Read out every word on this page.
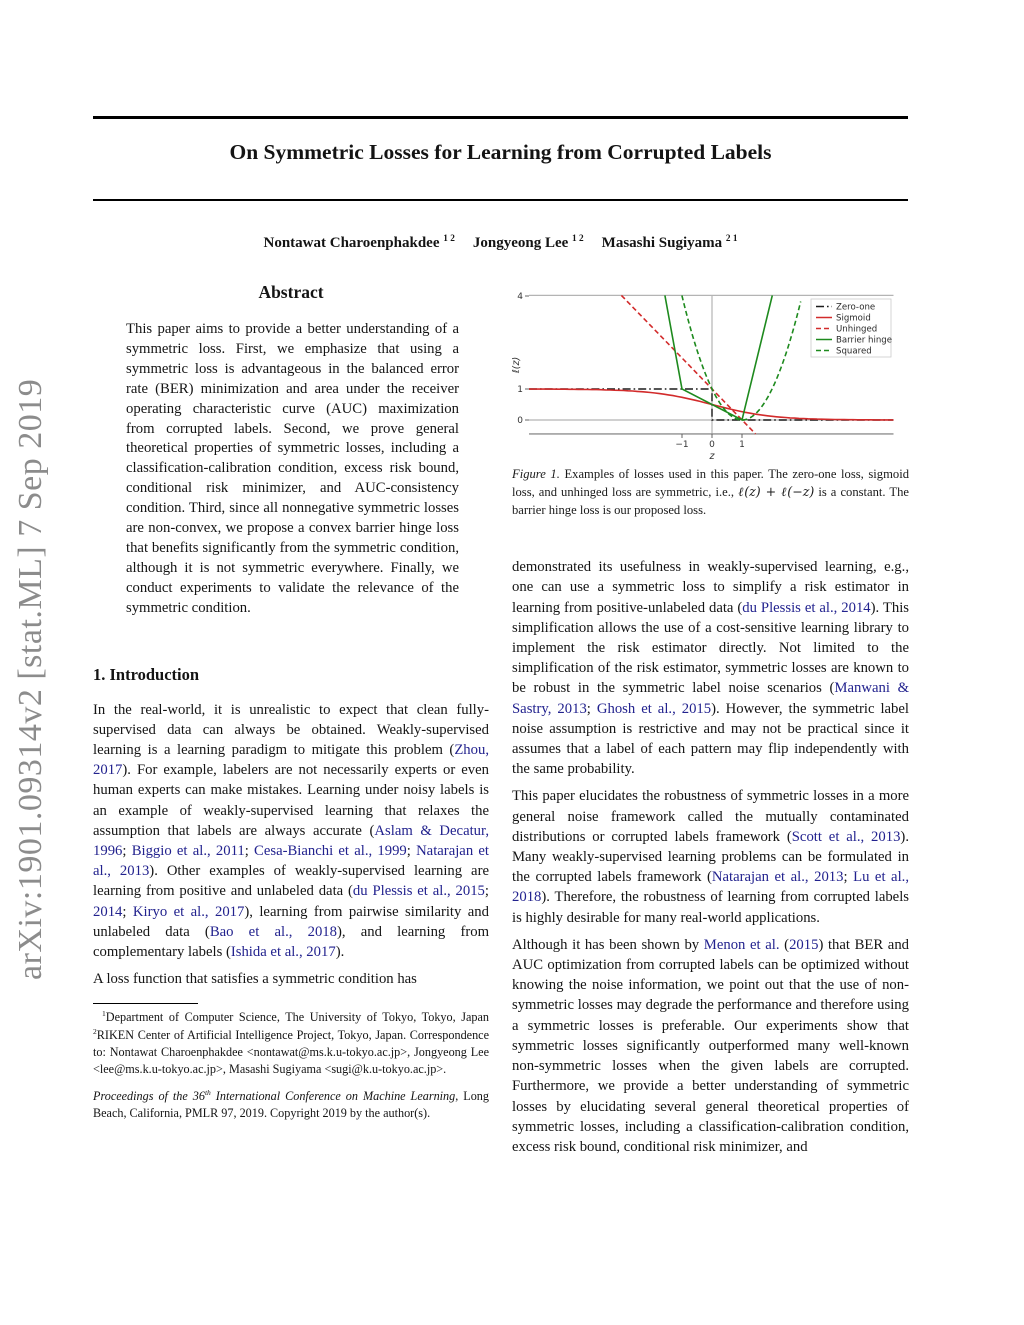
arXiv:1901.09314v2 [stat.ML] 7 Sep 2019
On Symmetric Losses for Learning from Corrupted Labels
Nontawat Charoenphakdee $^{1 2}$ Jongyeong Lee $^{1 2}$ Masashi Sugiyama $^{2 1}$
Abstract

This paper aims to provide a better understanding of a symmetric loss. First, we emphasize that using a symmetric loss is advantageous in the balanced error rate (BER) minimization and area under the receiver operating characteristic curve (AUC) maximization from corrupted labels. Second, we prove general theoretical properties of symmetric losses, including a classification-calibration condition, excess risk bound, conditional risk minimizer, and AUC-consistency condition. Third, since all nonnegative symmetric losses are non-convex, we propose a convex barrier hinge loss that benefits significantly from the symmetric condition, although it is not symmetric everywhere. Finally, we conduct experiments to validate the relevance of the symmetric condition.

1. Introduction

In the real-world, it is unrealistic to expect that clean fully-supervised data can always be obtained. Weakly-supervised learning is a learning paradigm to mitigate this problem (Zhou, 2017). For example, labelers are not necessarily experts or even human experts can make mistakes. Learning under noisy labels is an example of weakly-supervised learning that relaxes the assumption that labels are always accurate (Aslam & Decatur, 1996; Biggio et al., 2011; Cesa-Bianchi et al., 1999; Natarajan et al., 2013). Other examples of weakly-supervised learning are learning from positive and unlabeled data (du Plessis et al., 2015; 2014; Kiryo et al., 2017), learning from pairwise similarity and unlabeled data (Bao et al., 2018), and learning from complementary labels (Ishida et al., 2017).

A loss function that satisfies a symmetric condition has

$^1$Department of Computer Science, The University of Tokyo, Tokyo, Japan $^2$RIKEN Center of Artificial Intelligence Project, Tokyo, Japan. Correspondence to: Nontawat Charoenphakdee <nontawat@ms.k.u-tokyo.ac.jp>, Jongyeong Lee <lee@ms.k.u-tokyo.ac.jp>, Masashi Sugiyama <sugi@k.u-tokyo.ac.jp>.

Proceedings of the 36th International Conference on Machine Learning, Long Beach, California, PMLR 97, 2019. Copyright 2019 by the author(s).

0
1
4
−1 0	1
z
ℓ(z)
Zero-one
Sigmoid
Unhinged
Barrier hinge
Squared

Figure 1. Examples of losses used in this paper. The zero-one loss, sigmoid loss, and unhinged loss are symmetric, i.e., ℓ(z) + ℓ(−z) is a constant. The barrier hinge loss is our proposed loss.

demonstrated its usefulness in weakly-supervised learning, e.g., one can use a symmetric loss to simplify a risk estimator in learning from positive-unlabeled data (du Plessis et al., 2014). This simplification allows the use of a cost-sensitive learning library to implement the risk estimator directly. Not limited to the simplification of the risk estimator, symmetric losses are known to be robust in the symmetric label noise scenarios (Manwani & Sastry, 2013; Ghosh et al., 2015). However, the symmetric label noise assumption is restrictive and may not be practical since it assumes that a label of each pattern may flip independently with the same probability.

This paper elucidates the robustness of symmetric losses in a more general noise framework called the mutually contaminated distributions or corrupted labels framework (Scott et al., 2013). Many weakly-supervised learning problems can be formulated in the corrupted labels framework (Natarajan et al., 2013; Lu et al., 2018). Therefore, the robustness of learning from corrupted labels is highly desirable for many real-world applications.

Although it has been shown by Menon et al. (2015) that BER and AUC optimization from corrupted labels can be optimized without knowing the noise information, we point out that the use of non-symmetric losses may degrade the performance and therefore using a symmetric losses is preferable. Our experiments show that symmetric losses significantly outperformed many well-known non-symmetric losses when the given labels are corrupted. Furthermore, we provide a better understanding of symmetric losses by elucidating several general theoretical properties of symmetric losses, including a classification-calibration condition, excess risk bound, conditional risk minimizer, and
